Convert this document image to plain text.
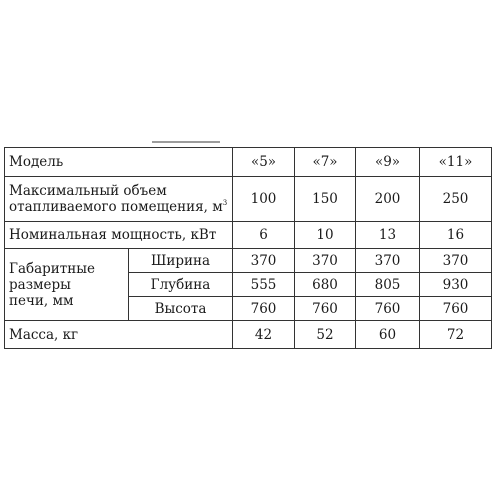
Модель		«5»	«7»	«9»	«11»
Максимальный объем
отапливаемого помещения, $м^3$		100	150	200	250
Номинальная мощность, кВт		6	10	13	16
Габаритные
размеры
печи, мм	Ширина	370	370	370	370
	Глубина	555	680	805	930
	Высота	760	760	760	760
Масса, кг		42	52	60	72
